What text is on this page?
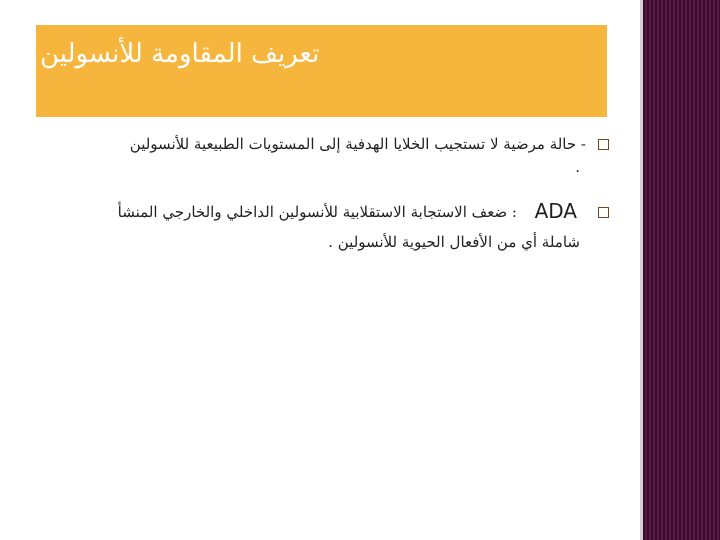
تعريف المقاومة للأنسولين
- حالة مرضية لا تستجيب الخلايا الهدفية إلى المستويات الطبيعية للأنسولين
.
ADA
: ضعف الاستجابة الاستقلابية للأنسولين الداخلي والخارجي المنشأ
شاملة أي من الأفعال الحيوية للأنسولين .
